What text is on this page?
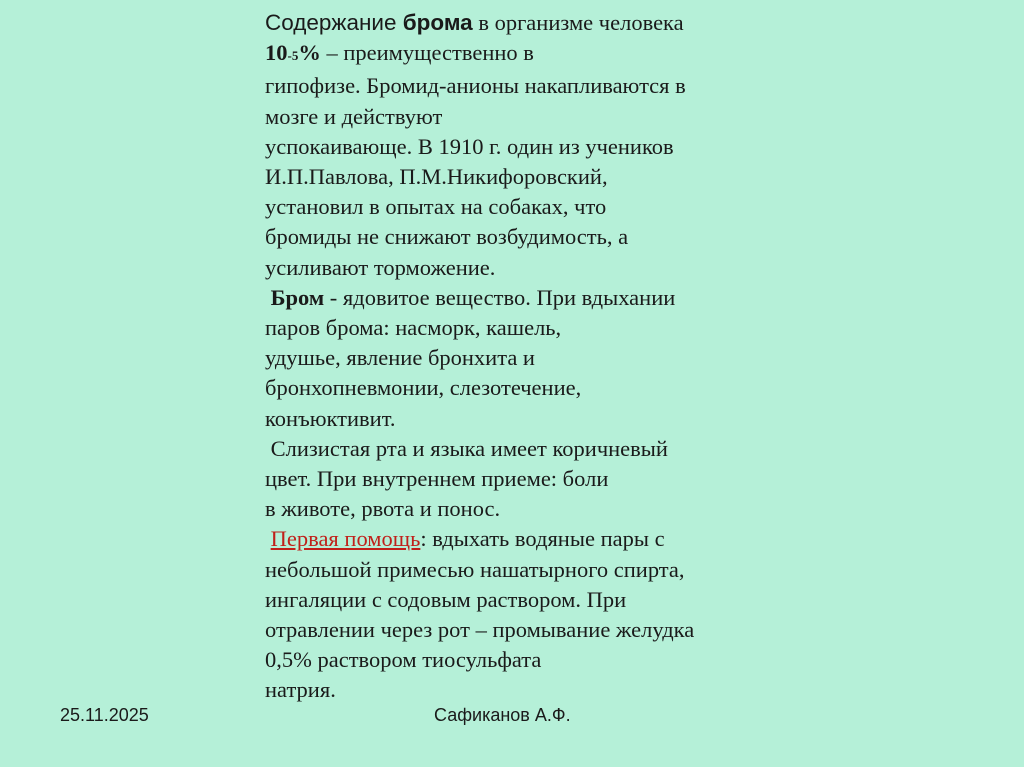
Содержание брома в организме человека
10-5% – преимущественно в
гипофизе. Бромид-анионы накапливаются в
мозге и действуют
успокаивающе. В 1910 г. один из учеников
И.П.Павлова, П.М.Никифоровский,
установил в опытах на собаках, что
бромиды не снижают возбудимость, а
усиливают торможение.
Бром - ядовитое вещество. При вдыхании
паров брома: насморк, кашель,
удушье, явление бронхита и
бронхопневмонии, слезотечение,
конъюктивит.
Слизистая рта и языка имеет коричневый
цвет. При внутреннем приеме: боли
в животе, рвота и понос.
Первая помощь: вдыхать водяные пары с
небольшой примесью нашатырного спирта,
ингаляции с содовым раствором. При
отравлении через рот – промывание желудка
0,5% раствором тиосульфата
натрия.
25.11.2025	Сафиканов А.Ф.
